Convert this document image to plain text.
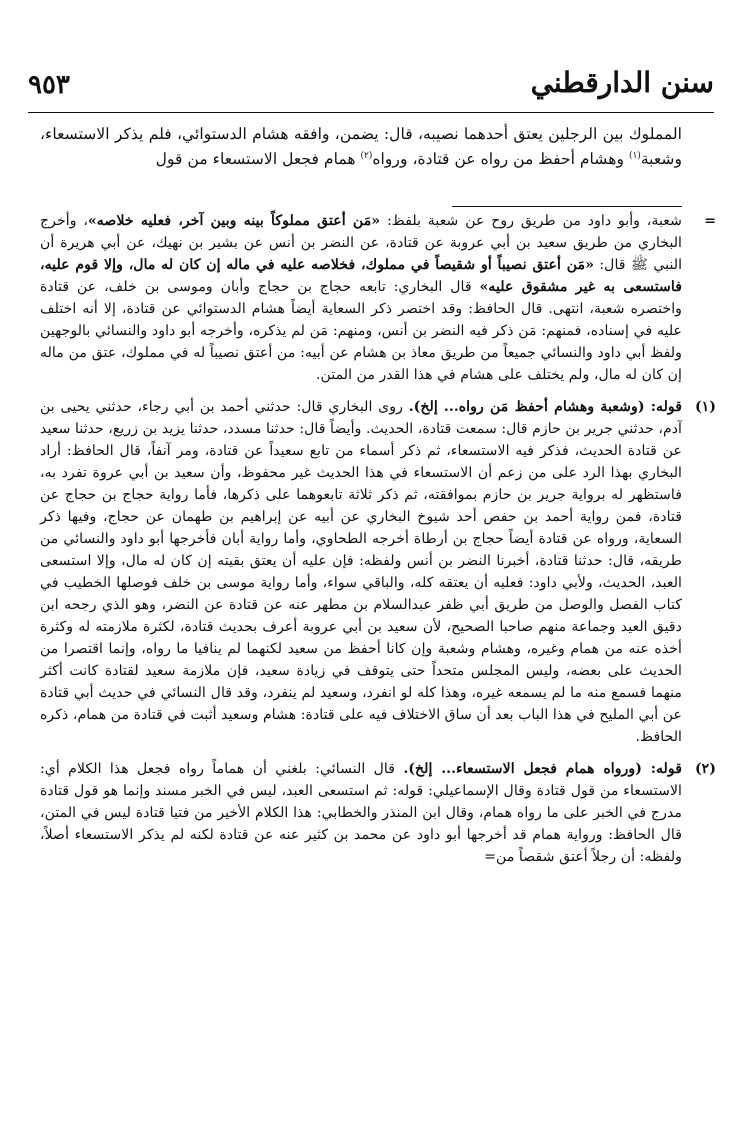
٩٥٣	سنن الدارقطني

المملوك بين الرجلين يعتق أحدهما نصيبه، قال: يضمن، وافقه هشام الدستوائي، فلم يذكر الاستسعاء، وشعبة$^{(١)}$ وهشام أحفظ من رواه عن قتادة، ورواه$^{(٢)}$ همام فجعل الاستسعاء من قول

=
شعبة، وأبو داود من طريق روح عن شعبة بلفظ: «مَن أعتق مملوكاً بينه وبين آخر، فعليه خلاصه»، وأخرج البخاري من طريق سعيد بن أبي عروبة عن قتادة، عن النضر بن أنس عن بشير بن نهيك، عن أبي هريرة أن النبي ﷺ قال: «مَن أعتق نصيباً أو شقيصاً في مملوك، فخلاصه عليه في ماله إن كان له مال، وإلا قوم عليه، فاستسعى به غير مشقوق عليه» قال البخاري: تابعه حجاج بن حجاج وأبان وموسى بن خلف، عن قتادة واختصره شعبة، انتهى. قال الحافظ: وقد اختصر ذكر السعاية أيضاً هشام الدستوائي عن قتادة، إلا أنه اختلف عليه في إسناده، فمنهم: مَن ذكر فيه النضر بن أنس، ومنهم: مَن لم يذكره، وأخرجه أبو داود والنسائي بالوجهين ولفظ أبي داود والنسائي جميعاً من طريق معاذ بن هشام عن أبيه: من أعتق نصيباً له في مملوك، عتق من ماله إن كان له مال، ولم يختلف على هشام في هذا القدر من المتن.

(١)
قوله: (وشعبة وهشام أحفظ مَن رواه... إلخ). روى البخاري قال: حدثني أحمد بن أبي رجاء، حدثني يحيى بن آدم، حدثني جرير بن حازم قال: سمعت قتادة، الحديث. وأيضاً قال: حدثنا مسدد، حدثنا يزيد بن زريع، حدثنا سعيد عن قتادة الحديث، فذكر فيه الاستسعاء، ثم ذكر أسماء من تابع سعيداً عن قتادة، ومر آنفاً، قال الحافظ: أراد البخاري بهذا الرد على من زعم أن الاستسعاء في هذا الحديث غير محفوظ، وأن سعيد بن أبي عروة تفرد به، فاستظهر له برواية جرير بن حازم بموافقته، ثم ذكر ثلاثة تابعوهما على ذكرها، فأما رواية حجاج بن حجاج عن قتادة، فمن رواية أحمد بن حفص أحد شيوخ البخاري عن أبيه عن إبراهيم بن طهمان عن حجاج، وفيها ذكر السعاية، ورواه عن قتادة أيضاً حجاج بن أرطاة أخرجه الطحاوي، وأما رواية أبان فأخرجها أبو داود والنسائي من طريقه، قال: حدثنا قتادة، أخبرنا النضر بن أنس ولفظه: فإن عليه أن يعتق بقيته إن كان له مال، وإلا استسعى العبد، الحديث، ولأبي داود: فعليه أن يعتقه كله، والباقي سواء، وأما رواية موسى بن خلف فوصلها الخطيب في كتاب الفصل والوصل من طريق أبي ظفر عبدالسلام بن مطهر عنه عن قتادة عن النضر، وهو الذي رجحه ابن دقيق العيد وجماعة منهم صاحبا الصحيح، لأن سعيد بن أبي عروبة أعرف بحديث قتادة، لكثرة ملازمته له وكثرة أخذه عنه من همام وغيره، وهشام وشعبة وإن كانا أحفظ من سعيد لكنهما لم ينافيا ما رواه، وإنما اقتصرا من الحديث على بعضه، وليس المجلس متحداً حتى يتوقف في زيادة سعيد، فإن ملازمة سعيد لقتادة كانت أكثر منهما فسمع منه ما لم يسمعه غيره، وهذا كله لو انفرد، وسعيد لم ينفرد، وقد قال النسائي في حديث أبي قتادة عن أبي المليح في هذا الباب بعد أن ساق الاختلاف فيه على قتادة: هشام وسعيد أثبت في قتادة من همام، ذكره الحافظ.

(٢)
قوله: (ورواه همام فجعل الاستسعاء... إلخ). قال النسائي: بلغني أن هماماً رواه فجعل هذا الكلام أي: الاستسعاء من قول قتادة وقال الإسماعيلي: قوله: ثم استسعى العبد، ليس في الخبر مسند وإنما هو قول قتادة مدرج في الخبر على ما رواه همام، وقال ابن المنذر والخطابي: هذا الكلام الأخير من فتيا قتادة ليس في المتن، قال الحافظ: ورواية همام قد أخرجها أبو داود عن محمد بن كثير عنه عن قتادة لكنه لم يذكر الاستسعاء أصلاً، ولفظه: أن رجلاً أعتق شقصاً من=
